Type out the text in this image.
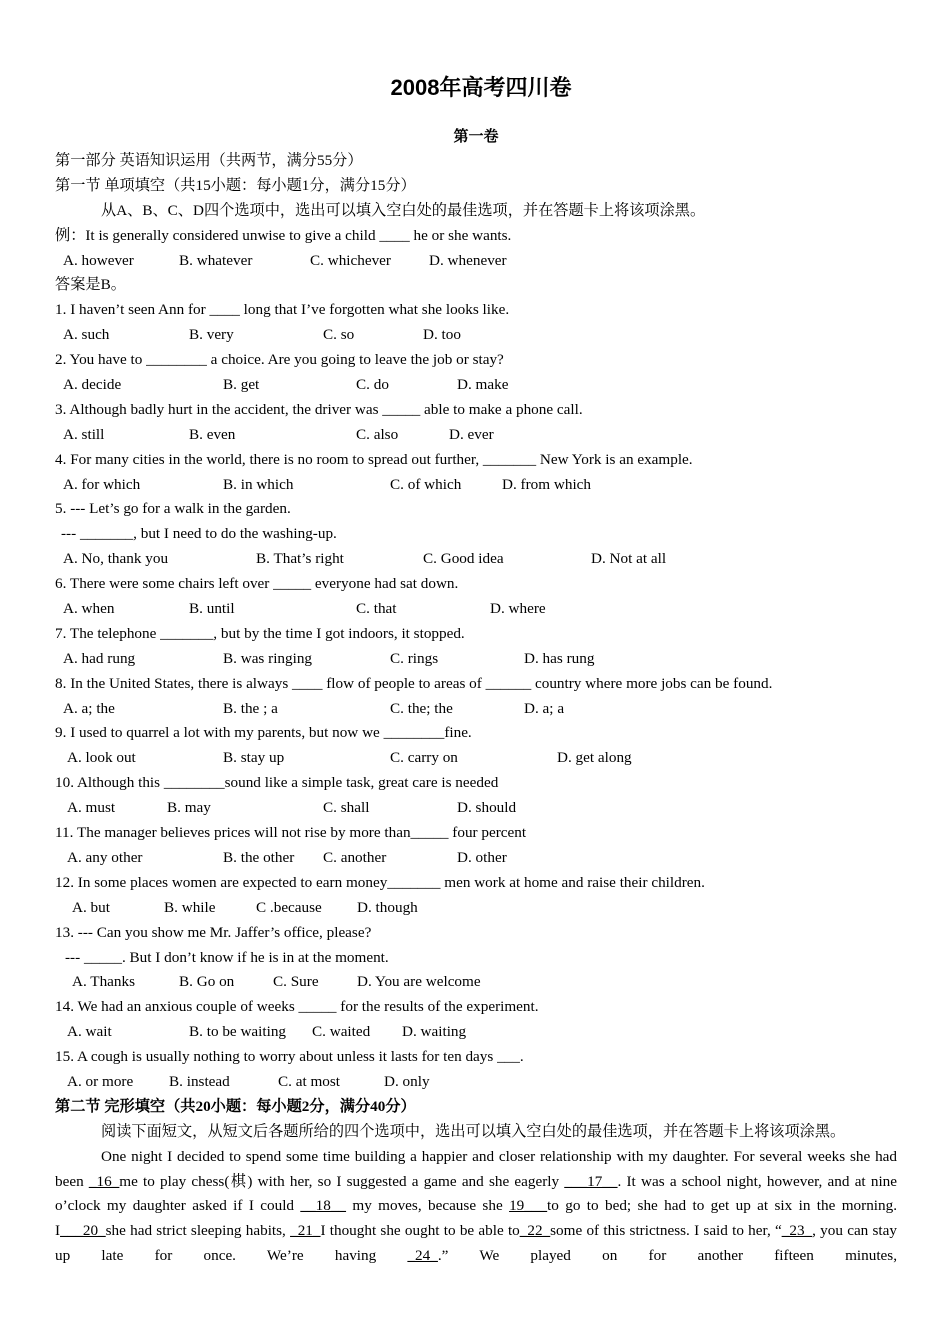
2008年高考四川卷
第一卷
第一部分 英语知识运用（共两节，满分55分）
第一节 单项填空（共15小题：每小题1分，满分15分）
从A、B、C、D四个选项中，选出可以填入空白处的最佳选项，并在答题卡上将该项涂黑。
例：It is generally considered unwise to give a child ____ he or she wants.
A. however	B. whatever	C. whichever	D. whenever
答案是B。
1. I haven’t seen Ann for ____ long that I’ve forgotten what she looks like.
A. such	B. very	C. so	D. too
2. You have to ________ a choice. Are you going to leave the job or stay?
A. decide	B. get	C. do	D. make
3. Although badly hurt in the accident, the driver was _____ able to make a phone call.
A. still	B. even	C. also	D. ever
4. For many cities in the world, there is no room to spread out further, _______ New York is an example.
A. for which	B. in which	C. of which	D. from which
5. --- Let’s go for a walk in the garden.
--- _______, but I need to do the washing-up.
A. No, thank you	B. That’s right	C. Good idea	D. Not at all
6. There were some chairs left over _____ everyone had sat down.
A. when	B. until	C. that	D. where
7. The telephone _______, but by the time I got indoors, it stopped.
A. had rung	B. was ringing	C. rings	D. has rung
8. In the United States, there is always ____ flow of people to areas of ______ country where more jobs can be found.
A. a; the	B. the ; a	C. the; the	D. a; a
9. I used to quarrel a lot with my parents, but now we ________fine.
A. look out	B. stay up	C. carry on	D. get along
10. Although this ________sound like a simple task, great care is needed
A. must	B. may	C. shall	D. should
11. The manager believes prices will not rise by more than_____ four percent
A. any other	B. the other C. another	D. other
12. In some places women are expected to earn money_______ men work at home and raise their children.
A. but	B. while	C .because D. though
13. --- Can you show me Mr. Jaffer’s office, please?
--- _____. But I don’t know if he is in at the moment.
A. Thanks	B. Go on	C. Sure	D. You are welcome
14. We had an anxious couple of weeks _____ for the results of the experiment.
A. wait	B. to be waiting C. waited D. waiting
15. A cough is usually nothing to worry about unless it lasts for ten days ___.
A. or more B. instead	C. at most	D. only
第二节 完形填空（共20小题：每小题2分，满分40分）
阅读下面短文，从短文后各题所给的四个选项中，选出可以填入空白处的最佳选项，并在答题卡上将该项涂黑。
One night I decided to spend some time building a happier and closer relationship with my daughter. For several weeks she had been _16_me to play chess(棋) with her, so I suggested a game and she eagerly ___17__. It was a school night, however, and at nine o’clock my daughter asked if I could __18__ my moves, because she 19___to go to bed; she had to get up at six in the morning. I___20_she had strict sleeping habits, _21_I thought she ought to be able to_22_some of this strictness. I said to her, “_23_, you can stay up late for once. We’re having _24_.” We played on for another fifteen minutes,
